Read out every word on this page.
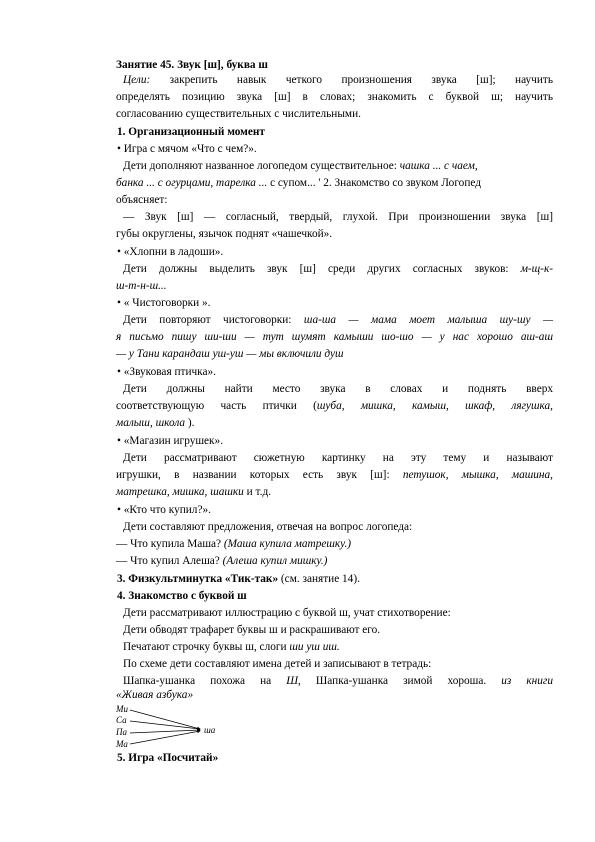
Занятие 45. Звук [ш], буква ш
Цели: закрепить навык четкого произношения звука [ш]; научить
определять позицию звука [ш] в словах; знакомить с буквой ш; научить
согласованию существительных с числительными.
1. Организационный момент
• Игра с мячом «Что с чем?».
Дети дополняют названное логопедом существительное: чашка ... с чаем,
банка ... с огурцами, тарелка ... с супом... ' 2. Знакомство со звуком Логопед
объясняет:
— Звук [ш] — согласный, твердый, глухой. При произношении звука [ш]
губы округлены, язычок поднят «чашечкой».
• «Хлопни в ладоши».
Дети должны выделить звук [ш] среди других согласных звуков: м-щ-к-
ш-т-н-ш...
• « Чистоговорки ».
Дети повторяют чистоговорки: ша-ша — мама моет малыша шу-шу —
я письмо пишу ши-ши — тут шумят камыши шо-шо — у нас хорошо аш-аш
— у Тани карандаш уш-уш — мы включили душ
• «Звуковая птичка».
Дети должны найти место звука в словах и поднять вверх
соответствующую часть птички (шуба, мишка, камыш, шкаф, лягушка,
малыш, школа ).
• «Магазин игрушек».
Дети рассматривают сюжетную картинку на эту тему и называют
игрушки, в названии которых есть звук [ш]: петушок, мышка, машина,
матрешка, мишка, шашки и т.д.
• «Кто что купил?».
Дети составляют предложения, отвечая на вопрос логопеда:
— Что купила Маша? (Маша купила матрешку.)
— Что купил Алеша? (Алеша купил мишку.)
3. Физкультминутка «Тик-так» (см. занятие 14).
4. Знакомство с буквой ш
Дети рассматривают иллюстрацию с буквой ш, учат стихотворение:
Дети обводят трафарет буквы ш и раскрашивают его.
Печатают строчку буквы ш, слоги ши уш иш.
По схеме дети составляют имена детей и записывают в тетрадь:
Шапка-ушанка похожа на Ш, Шапка-ушанка зимой хороша. из книги
«Живая азбука»
Ми
Са
Па
Ма
ша
5. Игра «Посчитай»
